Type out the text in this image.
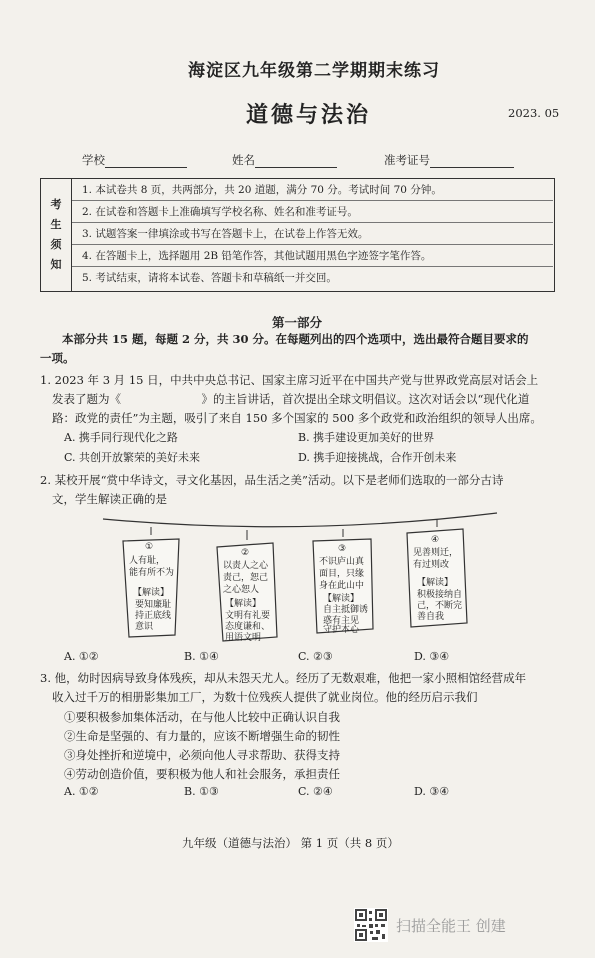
海淀区九年级第二学期期末练习
道德与法治	2023. 05
学校	姓名	准考证号
考
生
须
知
1. 本试卷共 8 页，共两部分，共 20 道题，满分 70 分。考试时间 70 分钟。
2. 在试卷和答题卡上准确填写学校名称、姓名和准考证号。
3. 试题答案一律填涂或书写在答题卡上，在试卷上作答无效。
4. 在答题卡上，选择题用 2B 铅笔作答，其他试题用黑色字迹签字笔作答。
5. 考试结束，请将本试卷、答题卡和草稿纸一并交回。
第一部分
本部分共 15 题，每题 2 分，共 30 分。在每题列出的四个选项中，选出最符合题目要求的
一项。
1. 2023 年 3 月 15 日，中共中央总书记、国家主席习近平在中国共产党与世界政党高层对话会上
发表了题为《　　　　　　　》的主旨讲话，首次提出全球文明倡议。这次对话会以“现代化道
路：政党的责任”为主题，吸引了来自 150 多个国家的 500 多个政党和政治组织的领导人出席。
A. 携手同行现代化之路	B. 携手建设更加美好的世界
C. 共创开放繁荣的美好未来	D. 携手迎接挑战，合作开创未来
2. 某校开展“赏中华诗文，寻文化基因，品生活之美”活动。以下是老师们选取的一部分古诗
文，学生解读正确的是
①
人有耻，
能有所不为
【解读】
要知廉耻
持正底线
意识
②
以责人之心
责己，恕己
之心恕人
【解读】
文明有礼要
态度谦和、
用语文明
③
不识庐山真
面目，只缘
身在此山中
【解读】
自主抵御诱
惑有主见
守护本心
④
见善则迁，
有过则改
【解读】
积极接纳自
己，不断完
善自我
A. ①②	B. ①④	C. ②③	D. ③④
3. 他，幼时因病导致身体残疾，却从未怨天尤人。经历了无数艰难，他把一家小照相馆经营成年
收入过千万的相册影集加工厂，为数十位残疾人提供了就业岗位。他的经历启示我们
①要积极参加集体活动，在与他人比较中正确认识自我
②生命是坚强的、有力量的，应该不断增强生命的韧性
③身处挫折和逆境中，必须向他人寻求帮助、获得支持
④劳动创造价值，要积极为他人和社会服务，承担责任
A. ①②	B. ①③	C. ②④	D. ③④
九年级（道德与法治） 第 1 页（共 8 页）
扫描全能王 创建
